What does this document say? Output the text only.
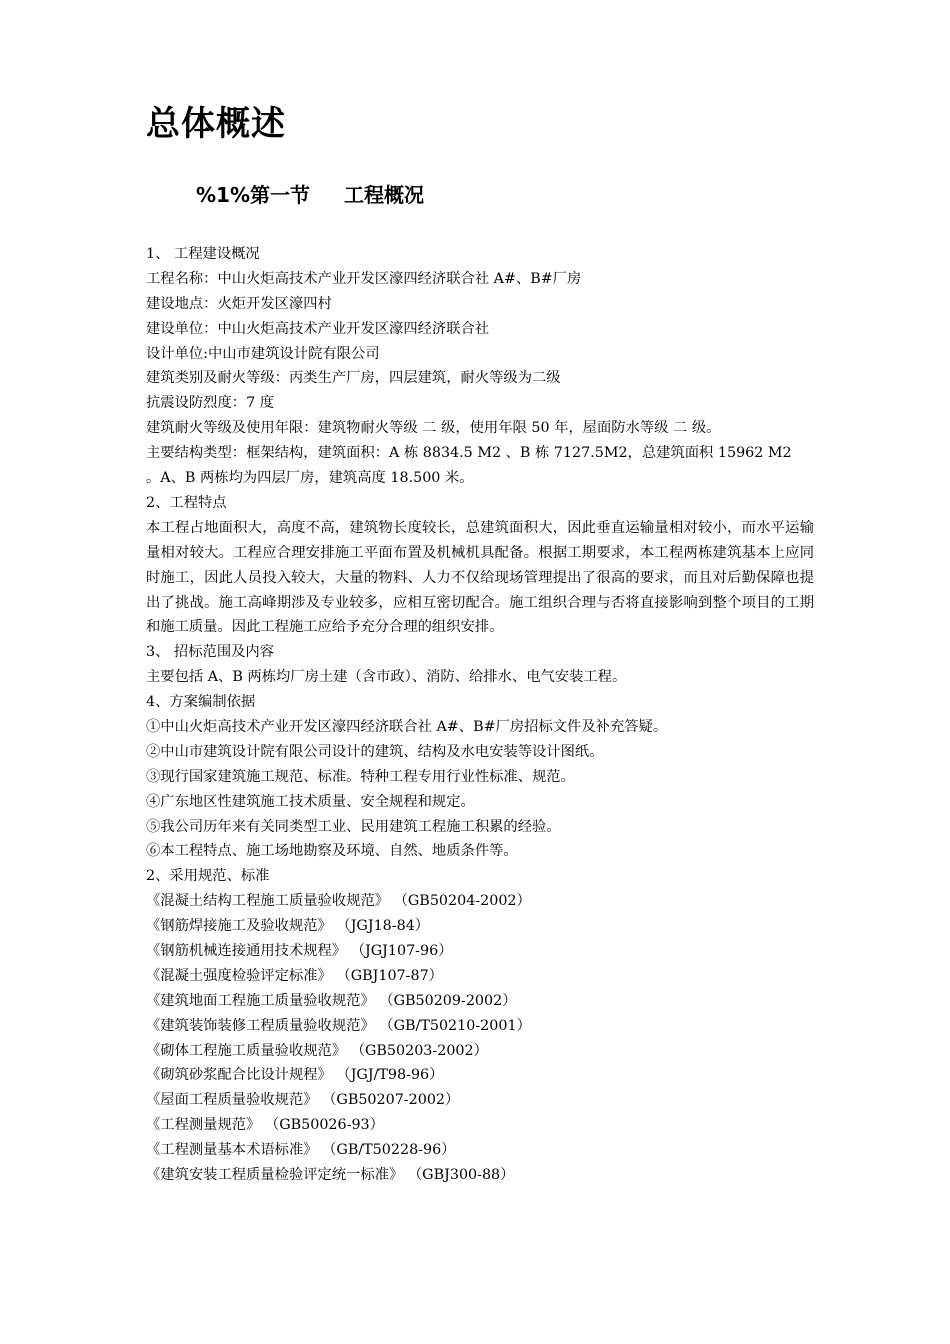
总体概述
%1%第一节 工程概况
1、 工程建设概况
工程名称：中山火炬高技术产业开发区濠四经济联合社 A#、B#厂房
建设地点：火炬开发区濠四村
建设单位：中山火炬高技术产业开发区濠四经济联合社
设计单位:中山市建筑设计院有限公司
建筑类别及耐火等级：丙类生产厂房，四层建筑，耐火等级为二级
抗震设防烈度：7 度
建筑耐火等级及使用年限：建筑物耐火等级 二 级，使用年限 50 年，屋面防水等级 二 级。
主要结构类型：框架结构，建筑面积：A 栋 8834.5 M2 、B 栋 7127.5M2，总建筑面积 15962 M2
。A、B 两栋均为四层厂房，建筑高度 18.500 米。
2、工程特点
本工程占地面积大，高度不高，建筑物长度较长，总建筑面积大，因此垂直运输量相对较小，而水平运输量相对较大。工程应合理安排施工平面布置及机械机具配备。根据工期要求，本工程两栋建筑基本上应同时施工，因此人员投入较大，大量的物料、人力不仅给现场管理提出了很高的要求，而且对后勤保障也提出了挑战。施工高峰期涉及专业较多，应相互密切配合。施工组织合理与否将直接影响到整个项目的工期和施工质量。因此工程施工应给予充分合理的组织安排。
3、 招标范围及内容
主要包括 A、B 两栋均厂房土建（含市政）、消防、给排水、电气安装工程。
4、方案编制依据
①中山火炬高技术产业开发区濠四经济联合社 A#、B#厂房招标文件及补充答疑。
②中山市建筑设计院有限公司设计的建筑、结构及水电安装等设计图纸。
③现行国家建筑施工规范、标准。特种工程专用行业性标准、规范。
④广东地区性建筑施工技术质量、安全规程和规定。
⑤我公司历年来有关同类型工业、民用建筑工程施工积累的经验。
⑥本工程特点、施工场地勘察及环境、自然、地质条件等。
2、采用规范、标准
《混凝土结构工程施工质量验收规范》 （GB50204-2002）
《钢筋焊接施工及验收规范》 （JGJ18-84）
《钢筋机械连接通用技术规程》 （JGJ107-96）
《混凝土强度检验评定标准》 （GBJ107-87）
《建筑地面工程施工质量验收规范》 （GB50209-2002）
《建筑装饰装修工程质量验收规范》 （GB/T50210-2001）
《砌体工程施工质量验收规范》 （GB50203-2002）
《砌筑砂浆配合比设计规程》 （JGJ/T98-96）
《屋面工程质量验收规范》 （GB50207-2002）
《工程测量规范》 （GB50026-93）
《工程测量基本术语标准》 （GB/T50228-96）
《建筑安装工程质量检验评定统一标准》 （GBJ300-88）
